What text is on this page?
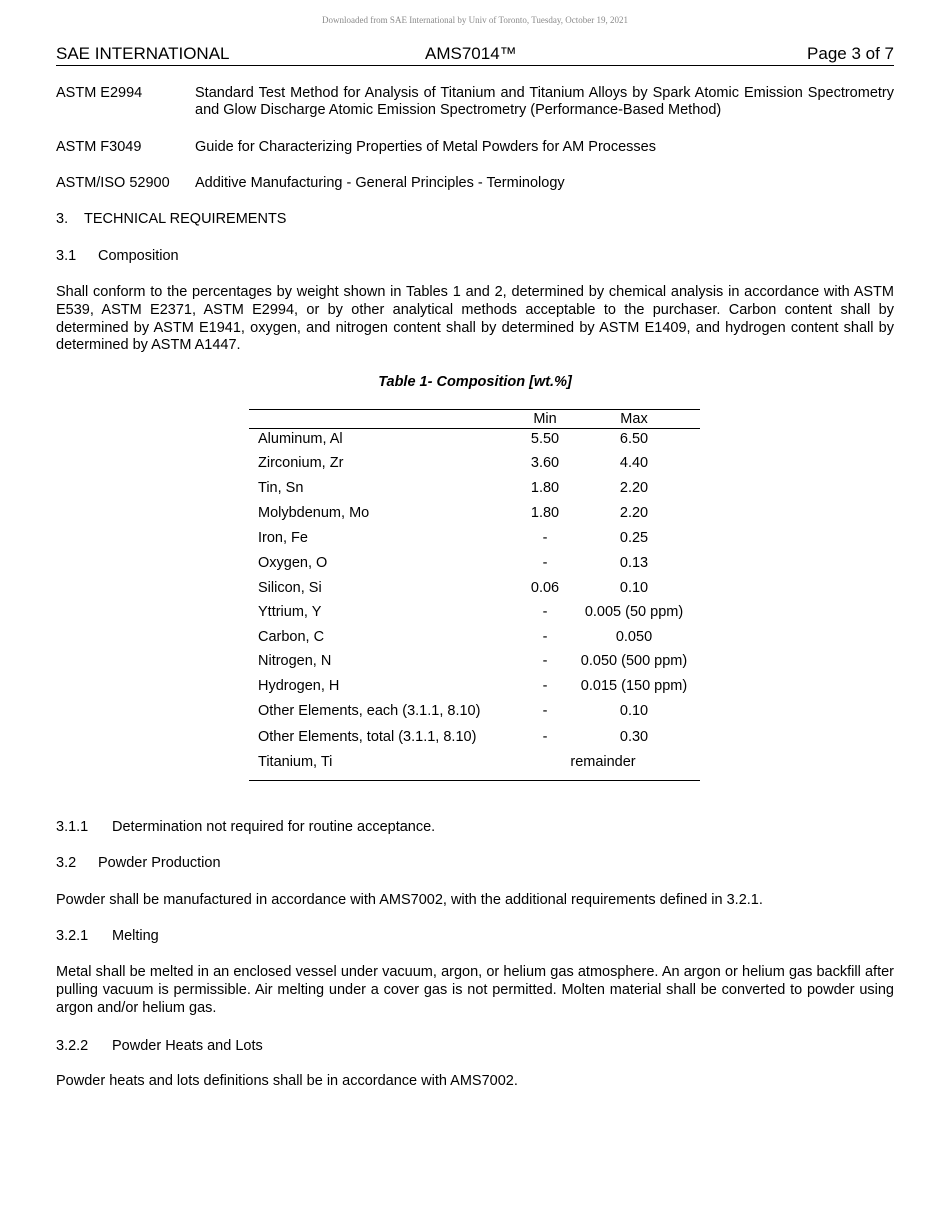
Downloaded from SAE International by Univ of Toronto, Tuesday, October 19, 2021
SAE INTERNATIONAL	AMS7014™	Page 3 of 7
ASTM E2994	Standard Test Method for Analysis of Titanium and Titanium Alloys by Spark Atomic Emission Spectrometry and Glow Discharge Atomic Emission Spectrometry (Performance-Based Method)
ASTM F3049	Guide for Characterizing Properties of Metal Powders for AM Processes
ASTM/ISO 52900 Additive Manufacturing - General Principles - Terminology
3. TECHNICAL REQUIREMENTS
3.1 Composition
Shall conform to the percentages by weight shown in Tables 1 and 2, determined by chemical analysis in accordance with ASTM E539, ASTM E2371, ASTM E2994, or by other analytical methods acceptable to the purchaser. Carbon content shall by determined by ASTM E1941, oxygen, and nitrogen content shall by determined by ASTM E1409, and hydrogen content shall by determined by ASTM A1447.
Table 1- Composition [wt.%]
Min	Max
Aluminum, Al	5.50	6.50
Zirconium, Zr	3.60	4.40
Tin, Sn	1.80	2.20
Molybdenum, Mo	1.80	2.20
Iron, Fe	-	0.25
Oxygen, O	-	0.13
Silicon, Si	0.06	0.10
Yttrium, Y	-	0.005 (50 ppm)
Carbon, C	-	0.050
Nitrogen, N	-	0.050 (500 ppm)
Hydrogen, H	-	0.015 (150 ppm)
Other Elements, each (3.1.1, 8.10)	-	0.10
Other Elements, total (3.1.1, 8.10)	-	0.30
Titanium, Ti	remainder
3.1.1 Determination not required for routine acceptance.
3.2 Powder Production
Powder shall be manufactured in accordance with AMS7002, with the additional requirements defined in 3.2.1.
3.2.1 Melting
Metal shall be melted in an enclosed vessel under vacuum, argon, or helium gas atmosphere. An argon or helium gas backfill after pulling vacuum is permissible. Air melting under a cover gas is not permitted. Molten material shall be converted to powder using argon and/or helium gas.
3.2.2 Powder Heats and Lots
Powder heats and lots definitions shall be in accordance with AMS7002.
